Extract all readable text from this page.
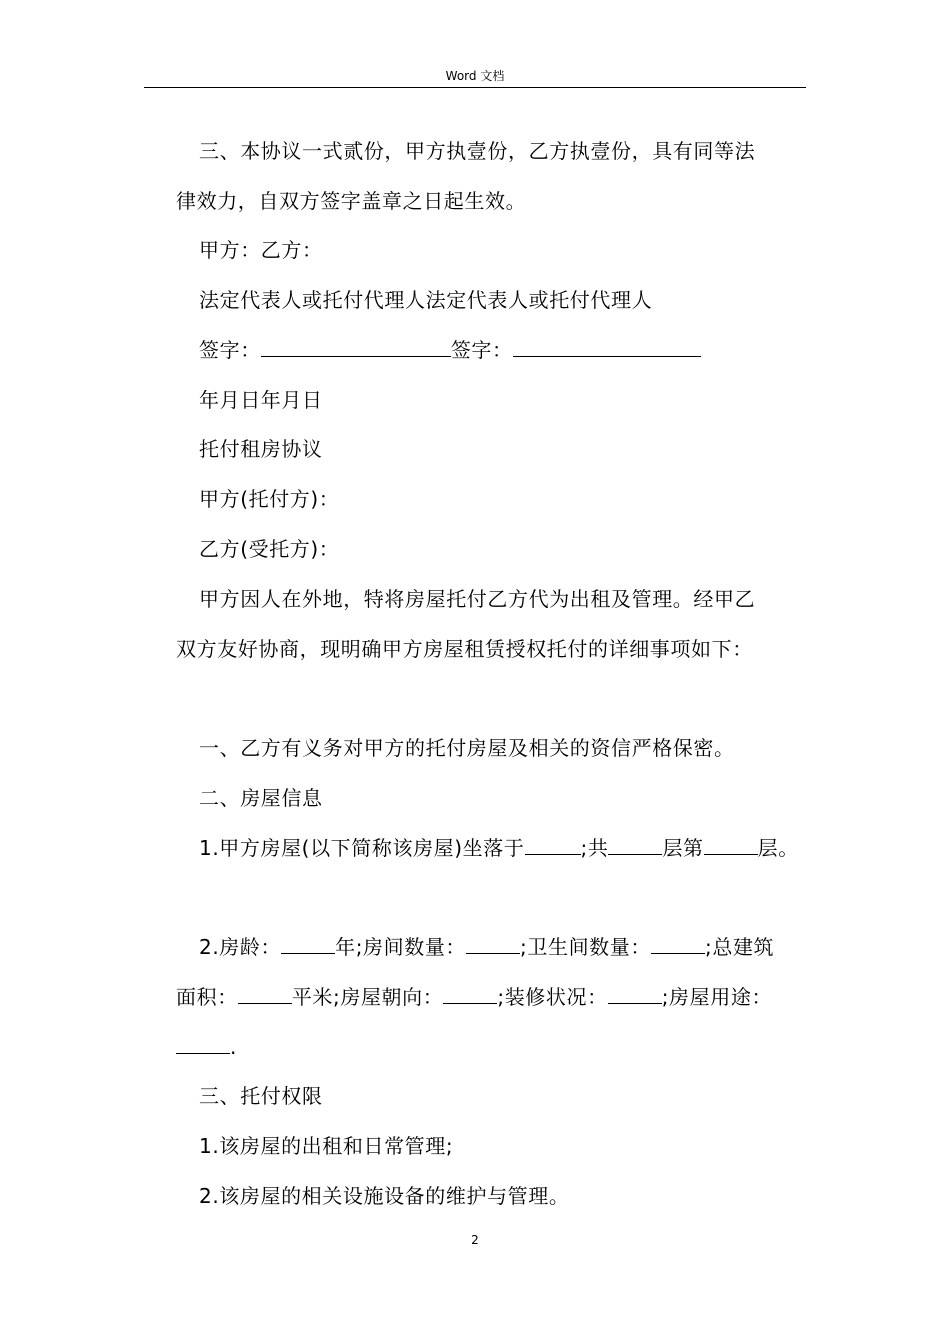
Word 文档
三、本协议一式贰份，甲方执壹份，乙方执壹份，具有同等法
律效力，自双方签字盖章之日起生效。
甲方：乙方：
法定代表人或托付代理人法定代表人或托付代理人
签字：	签字：
年月日年月日
托付租房协议
甲方(托付方)：
乙方(受托方)：
甲方因人在外地，特将房屋托付乙方代为出租及管理。经甲乙
双方友好协商，现明确甲方房屋租赁授权托付的详细事项如下：
一、乙方有义务对甲方的托付房屋及相关的资信严格保密。
二、房屋信息
1.甲方房屋(以下简称该房屋)坐落于	;共	层第	层。
2.房龄：	年;房间数量：	;卫生间数量：	;总建筑
面积：	平米;房屋朝向：	;装修状况：	;房屋用途：
.
三、托付权限
1.该房屋的出租和日常管理;
2.该房屋的相关设施设备的维护与管理。
2
